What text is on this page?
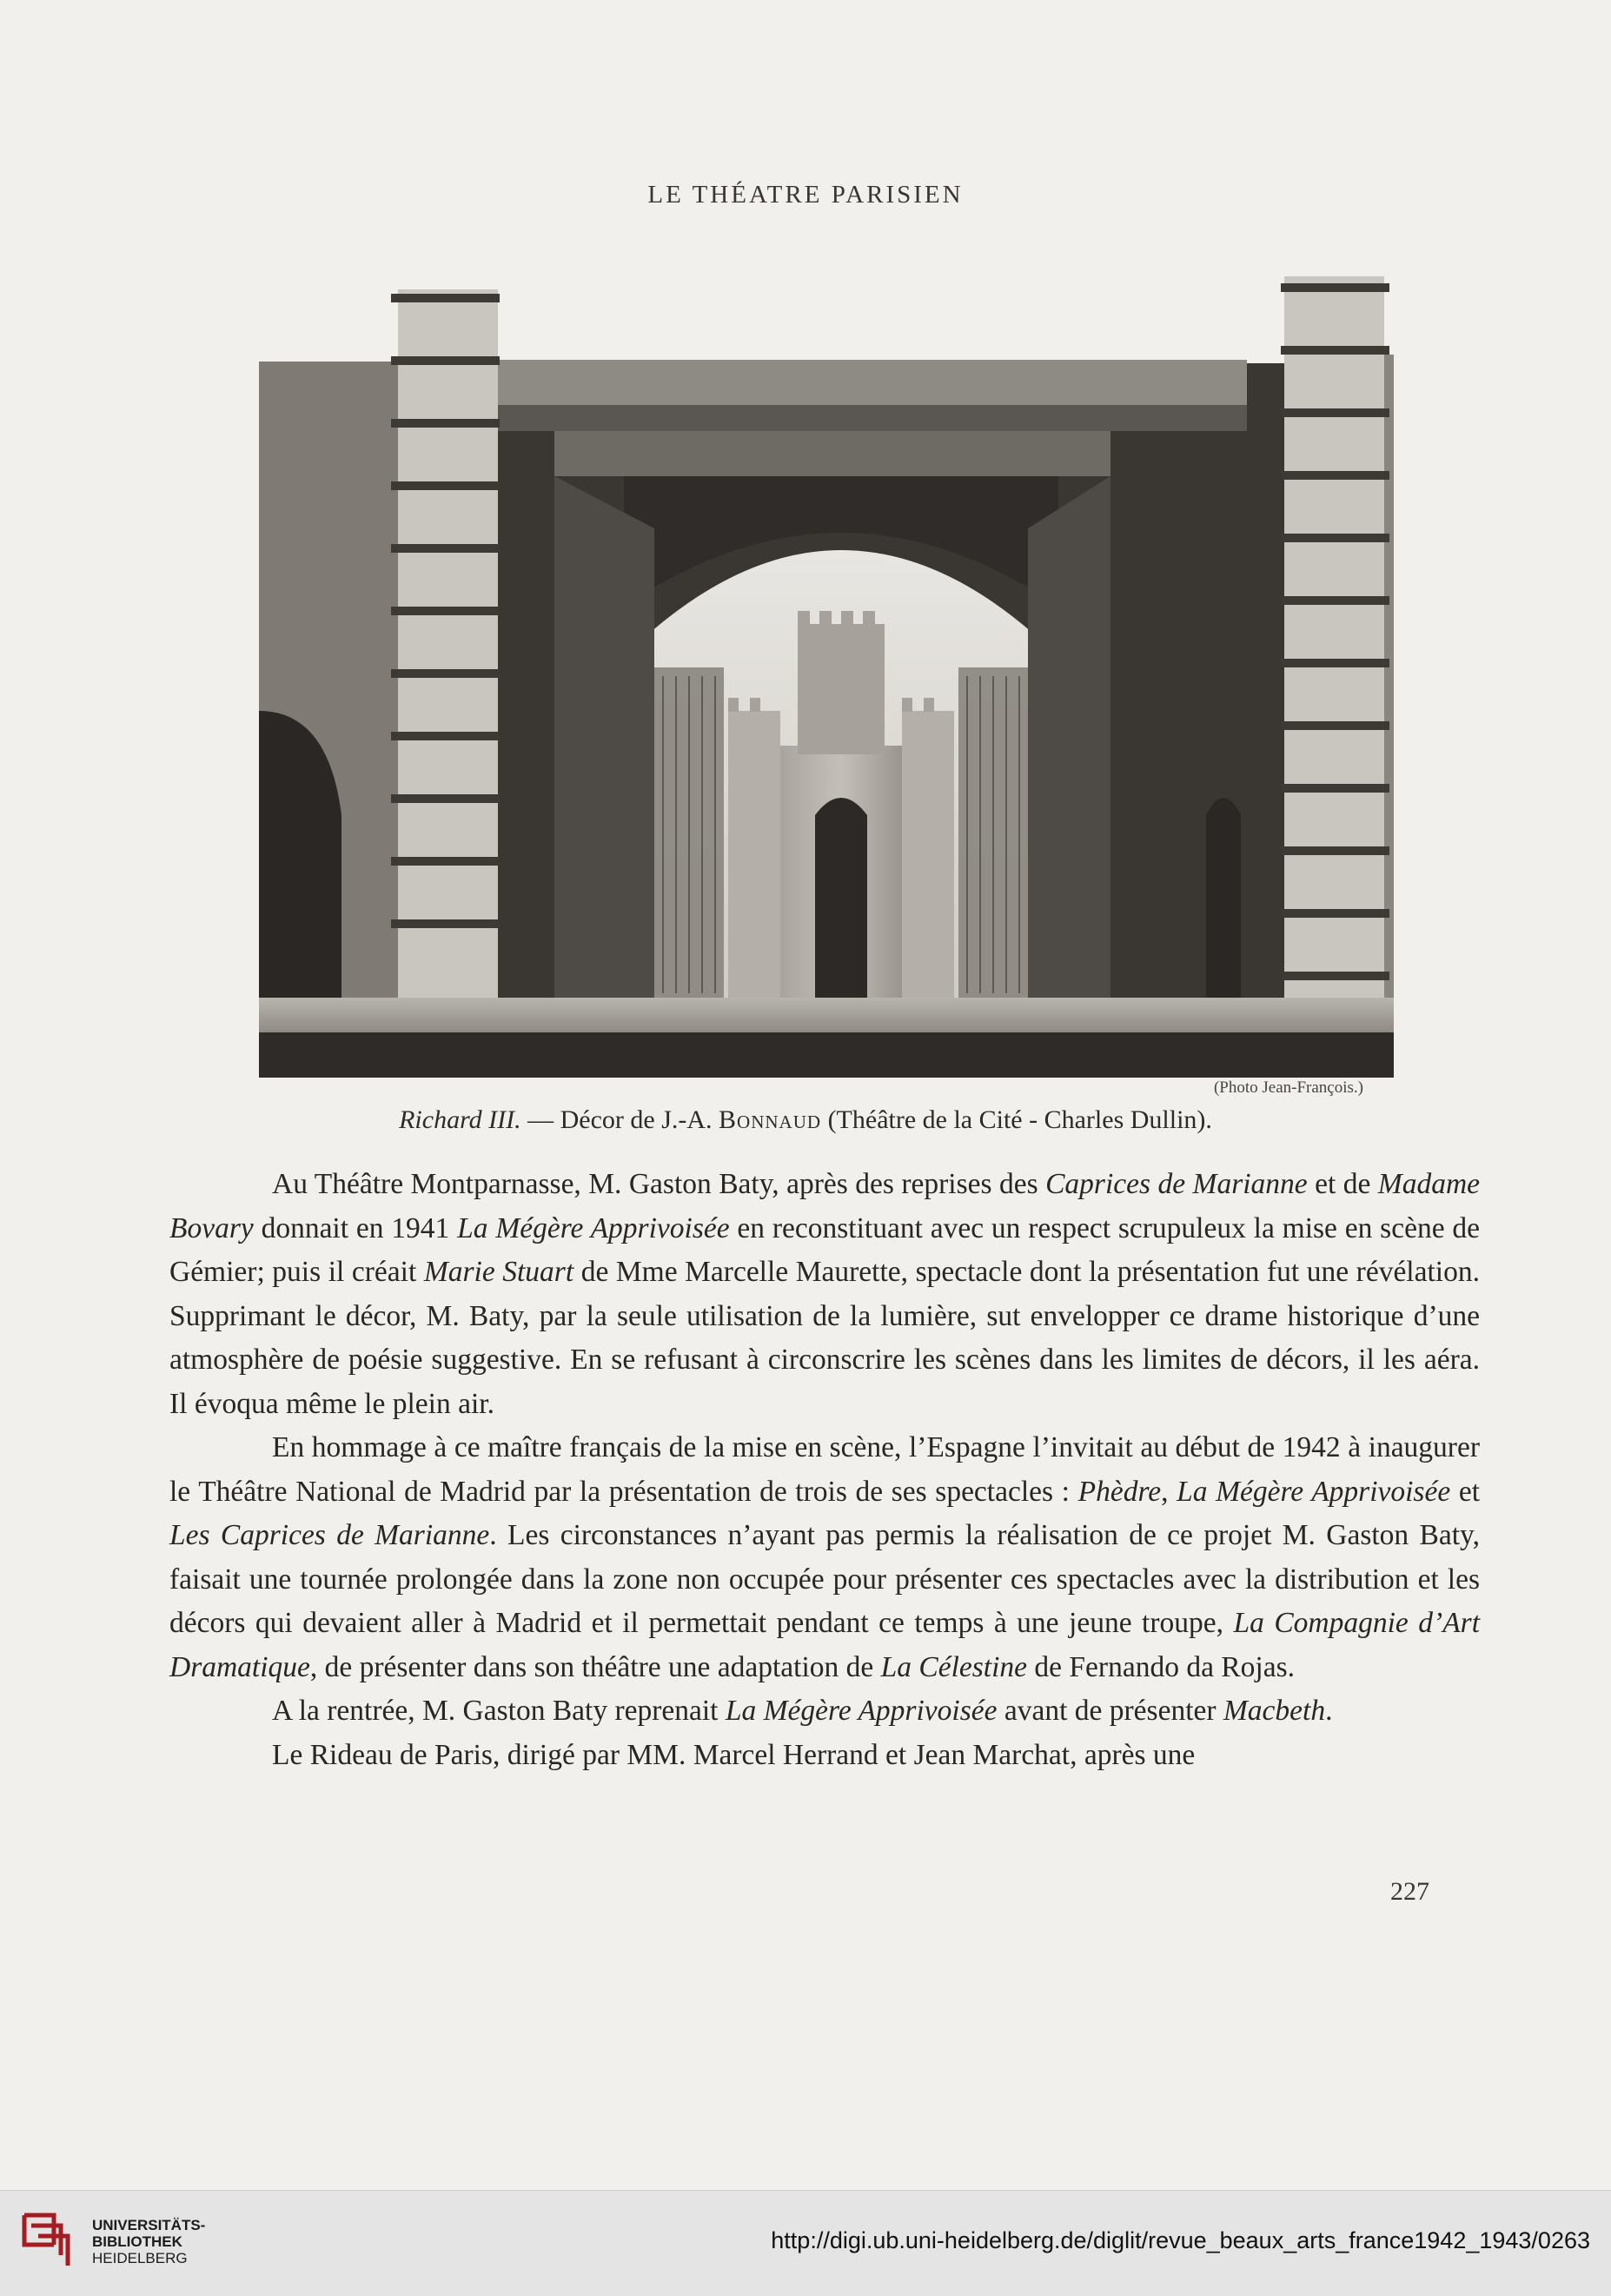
LE THÉATRE PARISIEN
(Photo Jean-François.)
Richard III. — Décor de J.-A. Bonnaud (Théâtre de la Cité - Charles Dullin).

Au Théâtre Montparnasse, M. Gaston Baty, après des reprises des Caprices de Marianne et de Madame Bovary donnait en 1941 La Mégère Apprivoisée en reconstituant avec un respect scrupuleux la mise en scène de Gémier; puis il créait Marie Stuart de Mme Marcelle Maurette, spectacle dont la présentation fut une révélation. Supprimant le décor, M. Baty, par la seule utilisation de la lumière, sut envelopper ce drame historique d’une atmosphère de poésie suggestive. En se refusant à circonscrire les scènes dans les limites de décors, il les aéra. Il évoqua même le plein air.

En hommage à ce maître français de la mise en scène, l’Espagne l’invitait au début de 1942 à inaugurer le Théâtre National de Madrid par la présentation de trois de ses spectacles : Phèdre, La Mégère Apprivoisée et Les Caprices de Marianne. Les circonstances n’ayant pas permis la réalisation de ce projet M. Gaston Baty, faisait une tournée prolongée dans la zone non occupée pour présenter ces spectacles avec la distribution et les décors qui devaient aller à Madrid et il permettait pendant ce temps à une jeune troupe, La Compagnie d’Art Dramatique, de présenter dans son théâtre une adaptation de La Célestine de Fernando da Rojas.

A la rentrée, M. Gaston Baty reprenait La Mégère Apprivoisée avant de présenter Macbeth.

Le Rideau de Paris, dirigé par MM. Marcel Herrand et Jean Marchat, après une

227
UNIVERSITÄTS-
BIBLIOTHEK
HEIDELBERG
http://digi.ub.uni-heidelberg.de/diglit/revue_beaux_arts_france1942_1943/0263
